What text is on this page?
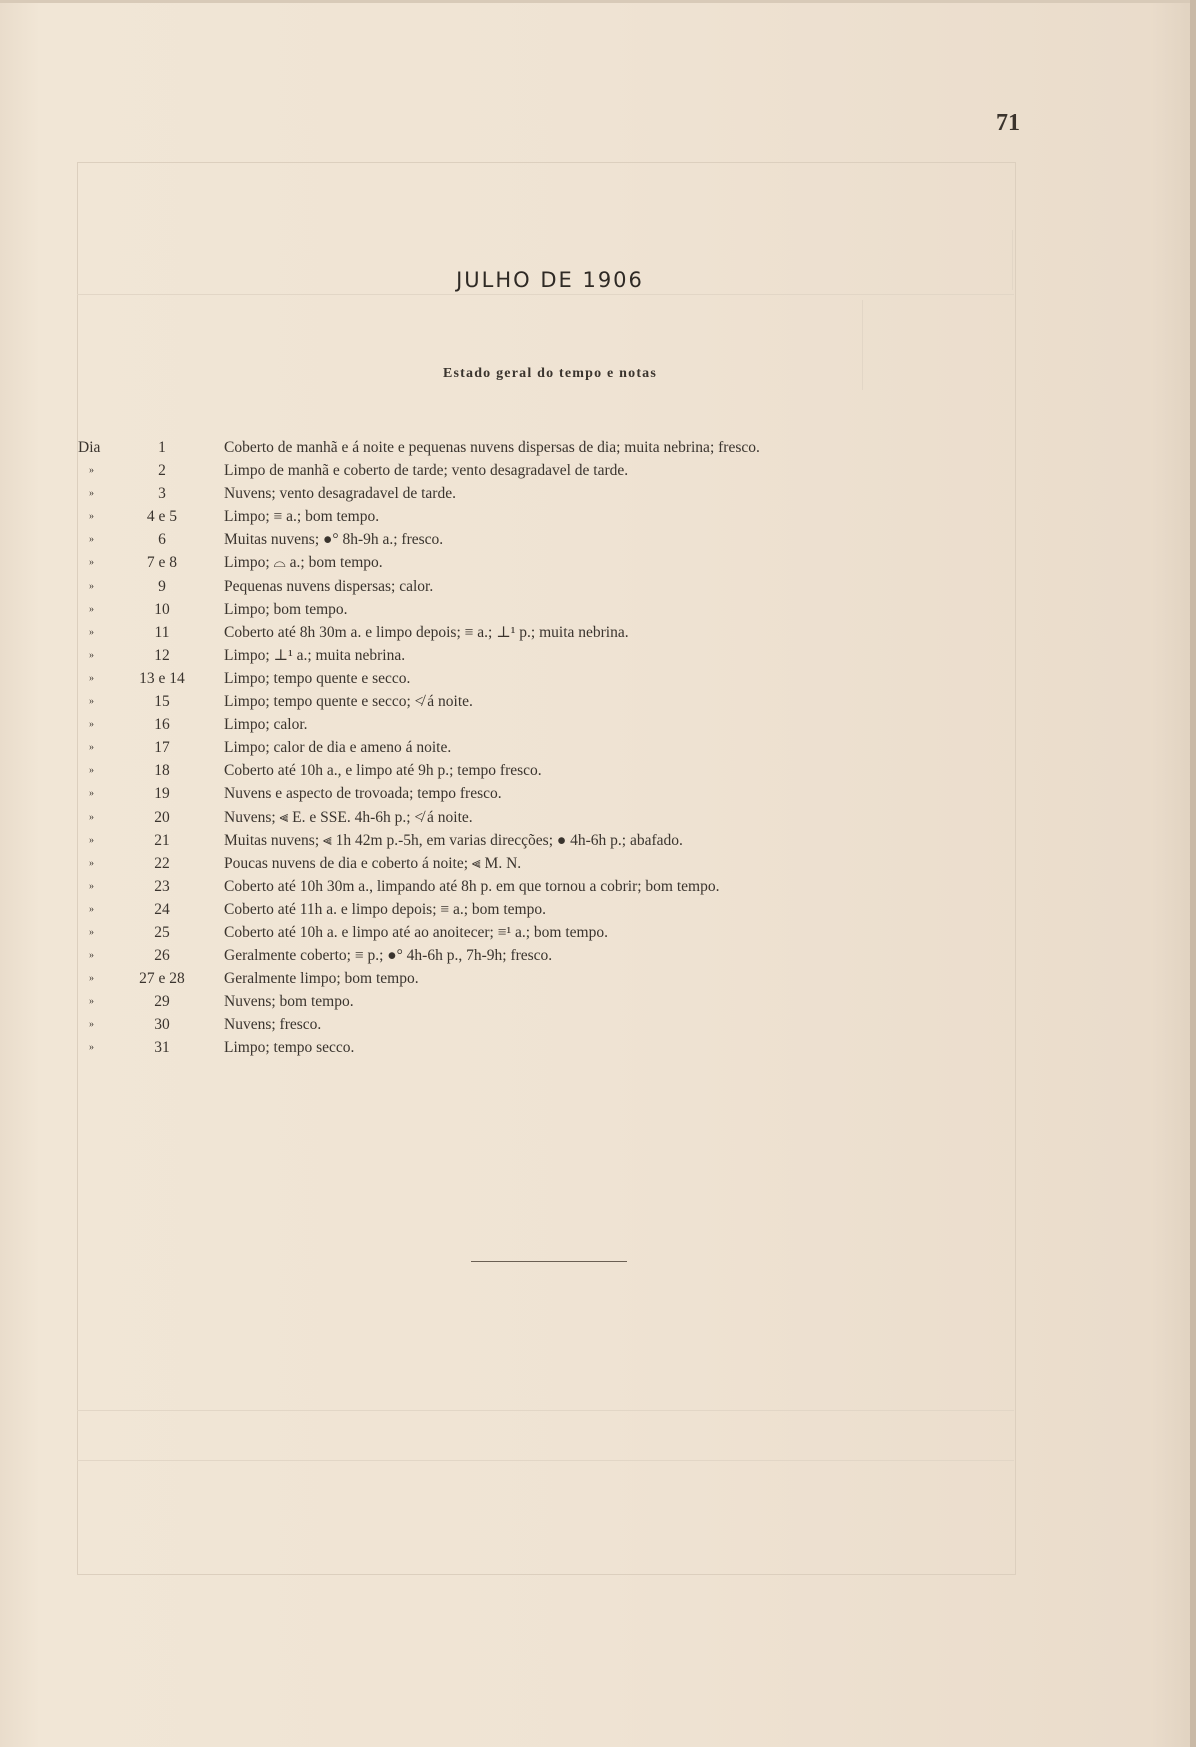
71
JULHO DE 1906
Estado geral do tempo e notas
Dia	1	Coberto de manhã e á noite e pequenas nuvens dispersas de dia; muita nebrina; fresco.
»	2	Limpo de manhã e coberto de tarde; vento desagradavel de tarde.
»	3	Nuvens; vento desagradavel de tarde.
»	4 e 5	Limpo; ≡ a.; bom tempo.
»	6	Muitas nuvens; ●° 8h-9h a.; fresco.
»	7 e 8	Limpo; ⌓ a.; bom tempo.
»	9	Pequenas nuvens dispersas; calor.
»	10	Limpo; bom tempo.
»	11	Coberto até 8h 30m a. e limpo depois; ≡ a.; ⊥¹ p.; muita nebrina.
»	12	Limpo; ⊥¹ a.; muita nebrina.
»	13 e 14	Limpo; tempo quente e secco.
»	15	Limpo; tempo quente e secco; ≮ á noite.
»	16	Limpo; calor.
»	17	Limpo; calor de dia e ameno á noite.
»	18	Coberto até 10h a., e limpo até 9h p.; tempo fresco.
»	19	Nuvens e aspecto de trovoada; tempo fresco.
»	20	Nuvens; ⫷ E. e SSE. 4h-6h p.; ≮ á noite.
»	21	Muitas nuvens; ⫷ 1h 42m p.-5h, em varias direcções; ● 4h-6h p.; abafado.
»	22	Poucas nuvens de dia e coberto á noite; ⫷ M. N.
»	23	Coberto até 10h 30m a., limpando até 8h p. em que tornou a cobrir; bom tempo.
»	24	Coberto até 11h a. e limpo depois; ≡ a.; bom tempo.
»	25	Coberto até 10h a. e limpo até ao anoitecer; ≡¹ a.; bom tempo.
»	26	Geralmente coberto; ≡ p.; ●° 4h-6h p., 7h-9h; fresco.
»	27 e 28	Geralmente limpo; bom tempo.
»	29	Nuvens; bom tempo.
»	30	Nuvens; fresco.
»	31	Limpo; tempo secco.
